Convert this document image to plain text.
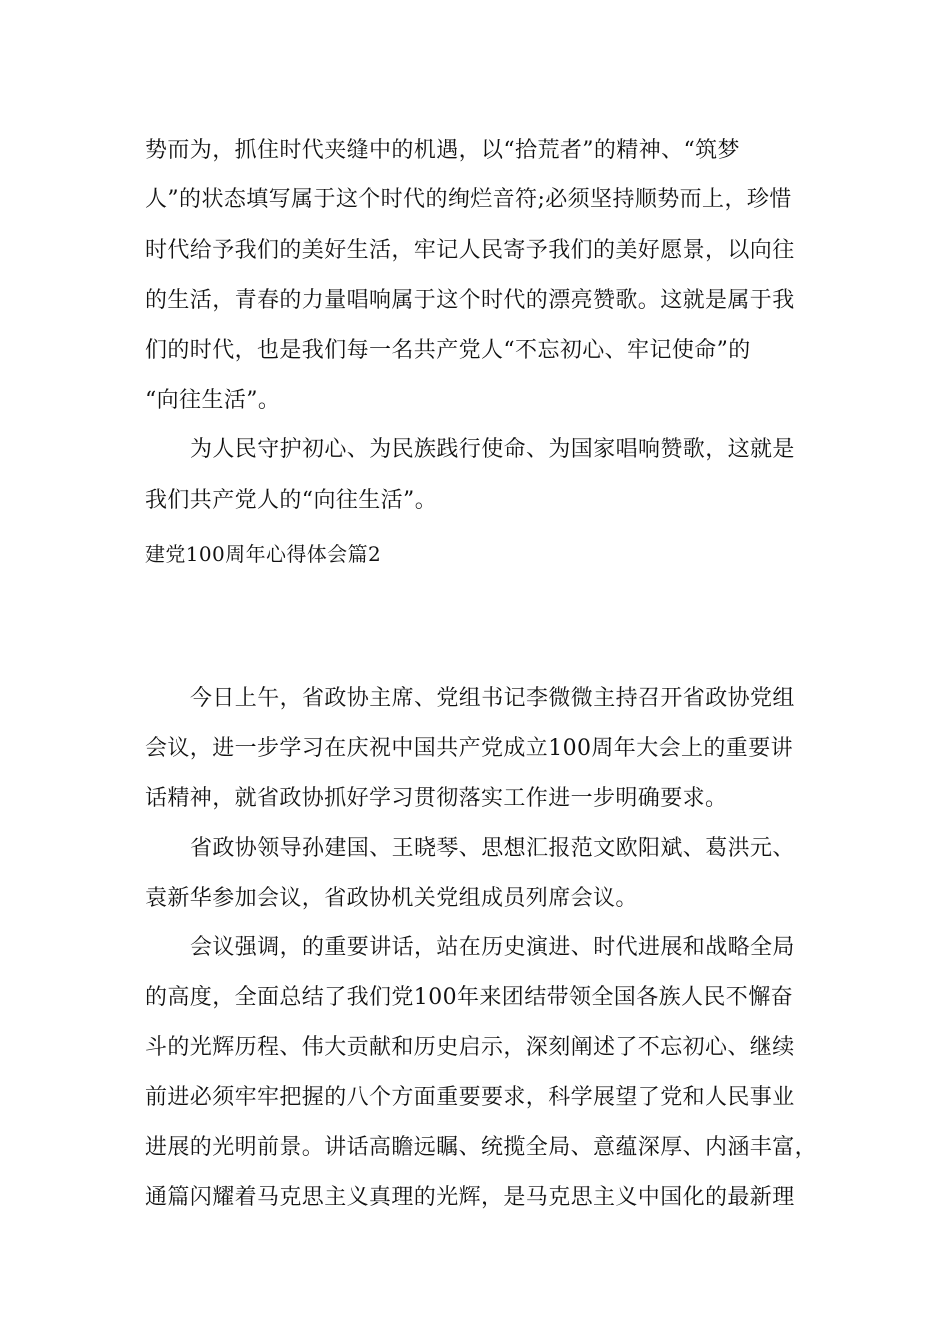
势而为，抓住时代夹缝中的机遇，以“拾荒者”的精神、“筑梦
人”的状态填写属于这个时代的绚烂音符;必须坚持顺势而上，珍惜
时代给予我们的美好生活，牢记人民寄予我们的美好愿景，以向往
的生活，青春的力量唱响属于这个时代的漂亮赞歌。这就是属于我
们的时代，也是我们每一名共产党人“不忘初心、牢记使命”的
“向往生活”。
为人民守护初心、为民族践行使命、为国家唱响赞歌，这就是
我们共产党人的“向往生活”。
建党100周年心得体会篇2
今日上午，省政协主席、党组书记李微微主持召开省政协党组
会议，进一步学习在庆祝中国共产党成立100周年大会上的重要讲
话精神，就省政协抓好学习贯彻落实工作进一步明确要求。
省政协领导孙建国、王晓琴、思想汇报范文欧阳斌、葛洪元、
袁新华参加会议，省政协机关党组成员列席会议。
会议强调，的重要讲话，站在历史演进、时代进展和战略全局
的高度，全面总结了我们党100年来团结带领全国各族人民不懈奋
斗的光辉历程、伟大贡献和历史启示，深刻阐述了不忘初心、继续
前进必须牢牢把握的八个方面重要要求，科学展望了党和人民事业
进展的光明前景。讲话高瞻远瞩、统揽全局、意蕴深厚、内涵丰富，
通篇闪耀着马克思主义真理的光辉，是马克思主义中国化的最新理
